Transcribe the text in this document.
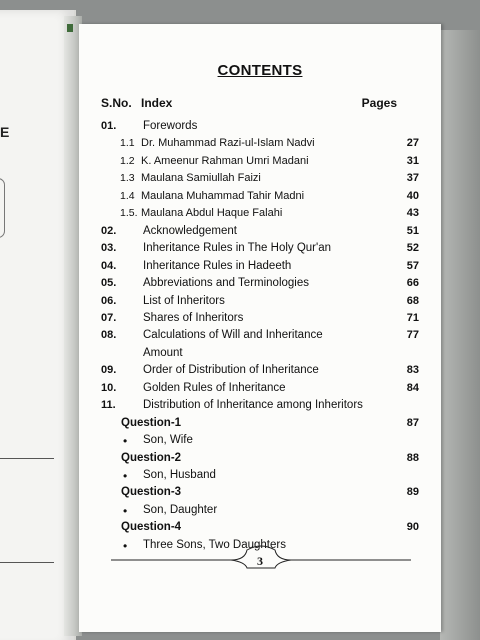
E
CONTENTS
S.No. Index	Pages
01. Forewords
1.1 Dr. Muhammad Razi-ul-Islam Nadvi	27
1.2 K. Ameenur Rahman Umri Madani	31
1.3 Maulana Samiullah Faizi	37
1.4 Maulana Muhammad Tahir Madni	40
1.5. Maulana Abdul Haque Falahi	43
02. Acknowledgement	51
03. Inheritance Rules in The Holy Qur'an	52
04. Inheritance Rules in Hadeeth	57
05. Abbreviations and Terminologies	66
06. List of Inheritors	68
07. Shares of Inheritors	71
08. Calculations of Will and Inheritance	77
Amount
09. Order of Distribution of Inheritance	83
10. Golden Rules of Inheritance	84
11. Distribution of Inheritance among Inheritors
Question-1	87
• Son, Wife
Question-2	88
• Son, Husband
Question-3	89
• Son, Daughter
Question-4	90
• Three Sons, Two Daughters
3
